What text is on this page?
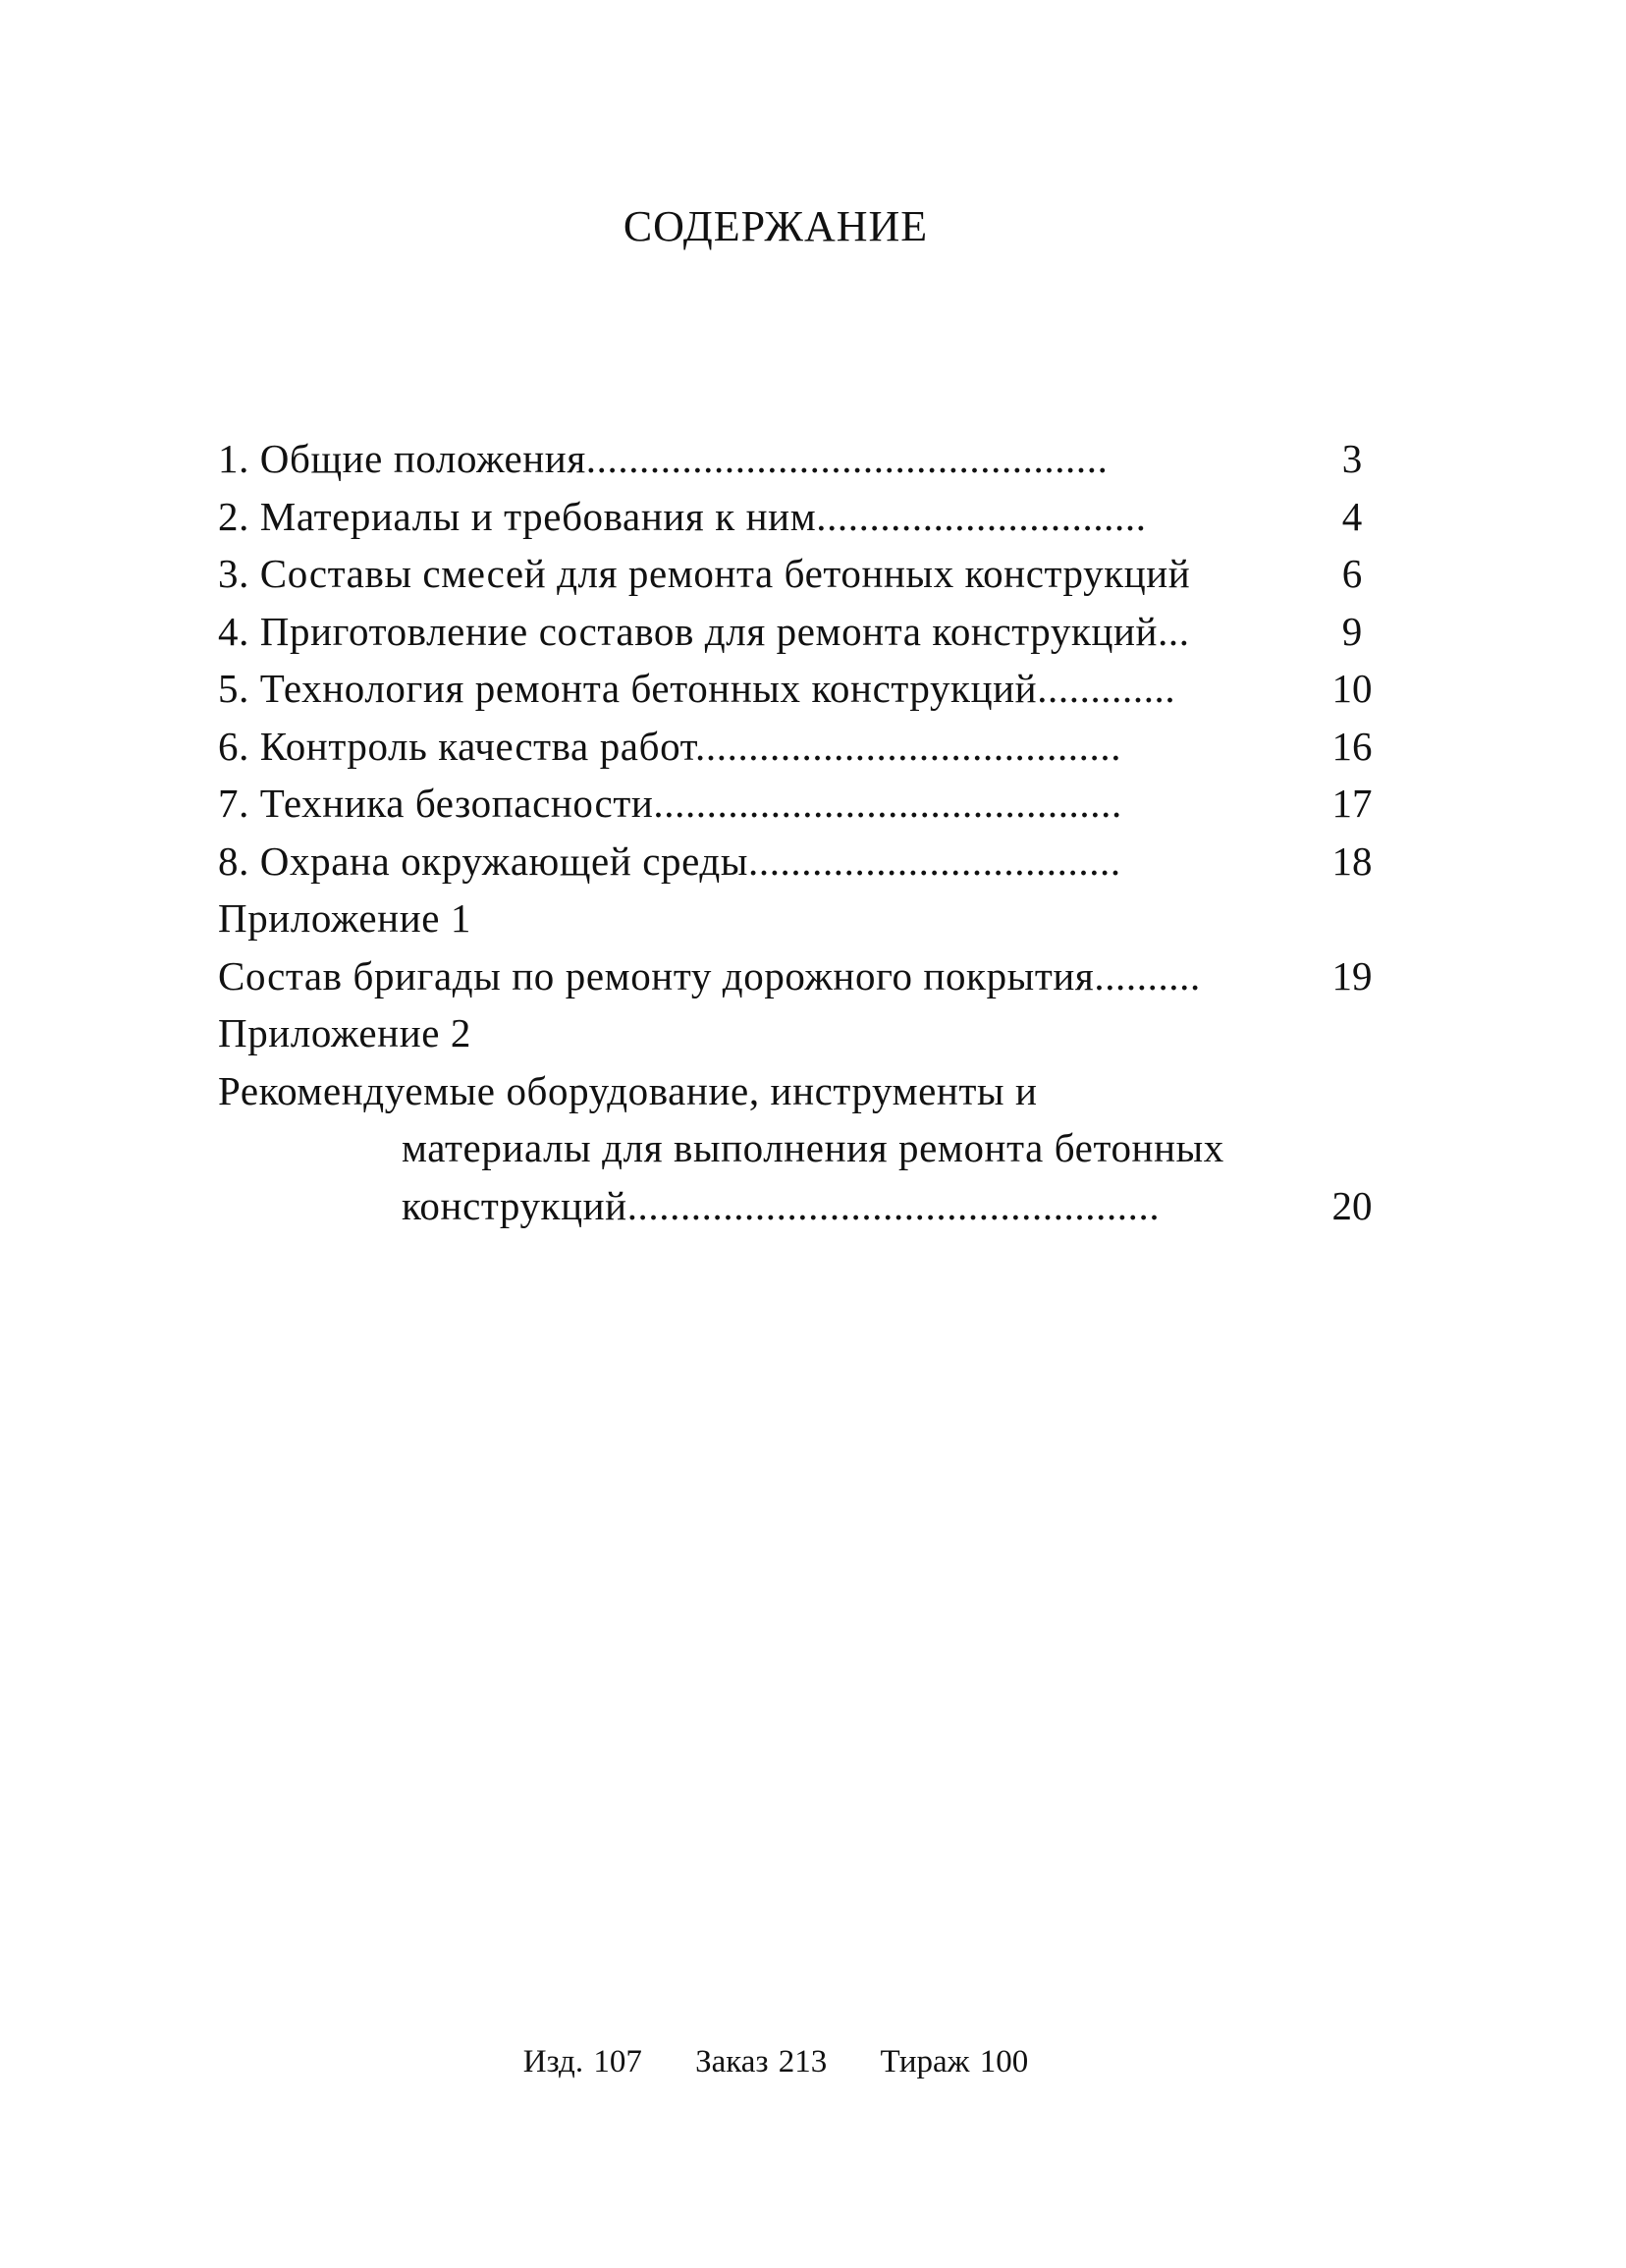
СОДЕРЖАНИЕ
1. Общие положения.................................................	3
2. Материалы и требования к ним...............................	4
3. Составы смесей для ремонта бетонных конструкций	6
4. Приготовление составов для ремонта конструкций...	9
5. Технология ремонта бетонных конструкций.............	10
6. Контроль качества работ........................................	16
7. Техника безопасности............................................	17
8. Охрана окружающей среды...................................	18
Приложение 1
Состав бригады по ремонту дорожного покрытия..........	19
Приложение 2
Рекомендуемые оборудование, инструменты и
материалы для выполнения ремонта бетонных
конструкций..................................................	20
Изд. 107 Заказ 213 Тираж 100
